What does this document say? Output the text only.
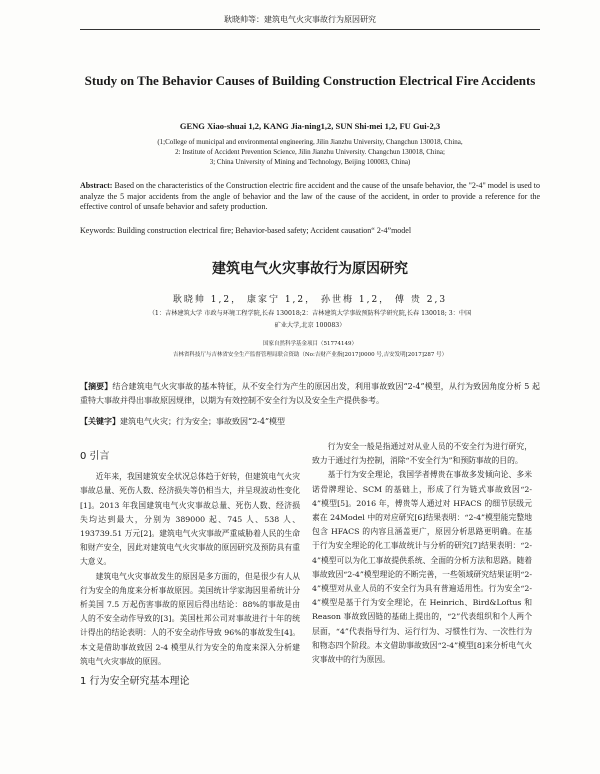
耿晓帅等：建筑电气火灾事故行为原因研究
Study on The Behavior Causes of Building Construction Electrical Fire Accidents
GENG Xiao-shuai 1,2, KANG Jia-ning1,2, SUN Shi-mei 1,2, FU Gui-2,3
(1;College of municipal and environmental engineering, Jilin Jianzhu University, Changchun 130018, China,
2: Institute of Accident Prevention Science, Jilin Jianzhu University. Changchun 130018, China;
3; China University of Mining and Technology, Beijing 100083, China)
Abstract: Based on the characteristics of the Construction electric fire accident and the cause of the unsafe behavior, the "2-4" model is used to analyze the 5 major accidents from the angle of behavior and the law of the cause of the accident, in order to provide a reference for the effective control of unsafe behavior and safety production.
Keywords: Building construction electrical fire; Behavior-based safety; Accident causation“ 2-4”model
建筑电气火灾事故行为原因研究
耿晓帅 1,2， 康家宁 1,2， 孙世梅 1,2， 傅 贵 2,3
（1：吉林建筑大学 市政与环境工程学院,长春 130018;2：吉林建筑大学事故预防科学研究院,长春 130018; 3：中国
矿业大学,北京 100083）
国家自然科学基金项目（51774149）
吉林省科技厅与吉林省安全生产监督管理局联合资助（No:吉财产业指[2017]0000 号,吉安发明[2017]287 号）
【摘要】结合建筑电气火灾事故的基本特征，从不安全行为产生的原因出发，利用事故致因“2-4”模型，从行为致因角度分析 5 起重特大事故并得出事故原因规律，以期为有效控制不安全行为以及安全生产提供参考。
【关键字】建筑电气火灾；行为安全；事故致因“2-4”模型
0 引言

近年来，我国建筑安全状况总体趋于好转，但建筑电气火灾事故总量、死伤人数、经济损失等仍相当大，并呈现波动性变化[1]。2013 年我国建筑电气火灾事故总量、死伤人数、经济损失均达到最大，分别为 389000 起、745 人、538 人、193739.51 万元[2]。建筑电气火灾事故严重威胁着人民的生命和财产安全，因此对建筑电气火灾事故的原因研究及预防具有重大意义。

建筑电气火灾事故发生的原因是多方面的，但是很少有人从行为安全的角度来分析事故原因。美国统计学家海因里希统计分析美国 7.5 万起伤害事故的原因后得出结论：88%的事故是由人的不安全动作导致的[3]。美国杜邦公司对事故进行十年的统计得出的结论表明：人的不安全动作导致 96%的事故发生[4]。本文是借助事故致因 2-4 模型从行为安全的角度来深入分析建筑电气火灾事故的原因。

1 行为安全研究基本理论

行为安全一般是指通过对从业人员的不安全行为进行研究，致力于通过行为控制，消除“不安全行为”和预防事故的目的。

基于行为安全理论，我国学者傅贵在事故多发倾向论、多米诺骨牌理论、SCM 的基础上，形成了行为链式事故致因“2-4”模型[5]。2016 年，傅贵等人通过对 HFACS 的细节层级元素在 24Model 中的对应研究[6]结果表明：“2-4”模型能完整地包含 HFACS 的内容且涵盖更广，原因分析思路更明确。在基于行为安全理论的化工事故统计与分析的研究[7]结果表明：“2-4”模型可以为化工事故提供系统、全面的分析方法和思路。随着事故致因“2-4”模型理论的不断完善，一些领域研究结果证明“2-4”模型对从业人员的不安全行为具有普遍适用性。行为安全“2-4”模型是基于行为安全理论，在 Heinrich、Bird&Loftus 和 Reason 事故致因链的基础上提出的，“2”代表组织和个人两个层面，“4”代表指导行为、运行行为、习惯性行为、一次性行为和物态四个阶段。本文借助事故致因“2-4”模型[8]来分析电气火灾事故中的行为原因。
